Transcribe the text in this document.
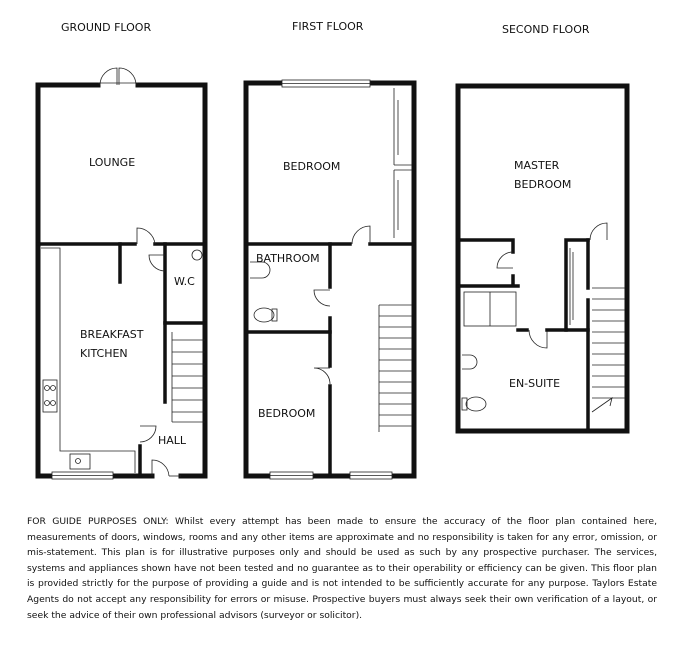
GROUND FLOOR
LOUNGE
W.C
BREAKFAST
KITCHEN
HALL
FIRST FLOOR
BEDROOM
BATHROOM
BEDROOM
SECOND FLOOR
MASTER
BEDROOM
EN-SUITE
FOR GUIDE PURPOSES ONLY: Whilst every attempt has been made to ensure the accuracy of the floor plan contained here, measurements of doors, windows, rooms and any other items are approximate and no responsibility is taken for any error, omission, or mis-statement. This plan is for illustrative purposes only and should be used as such by any prospective purchaser. The services, systems and appliances shown have not been tested and no guarantee as to their operability or efficiency can be given. This floor plan is provided strictly for the purpose of providing a guide and is not intended to be sufficiently accurate for any purpose. Taylors Estate Agents do not accept any responsibility for errors or misuse. Prospective buyers must always seek their own verification of a layout, or seek the advice of their own professional advisors (surveyor or solicitor).
